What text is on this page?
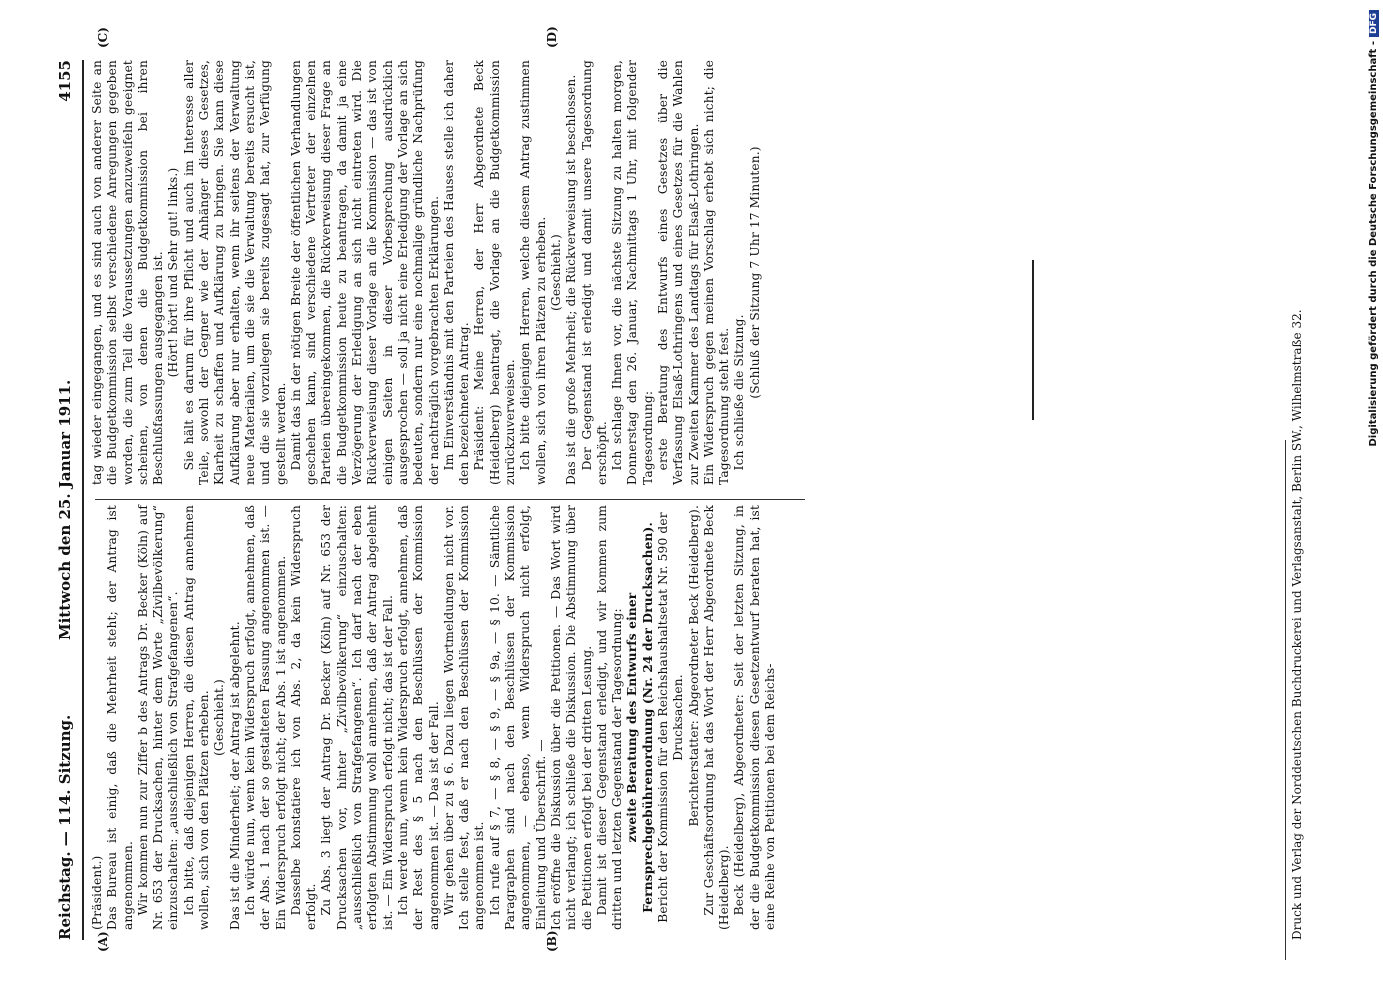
Reichstag. — 114. Sitzung.
Mittwoch den 25. Januar 1911.
4155
(A)	(B)
(C)	(D)

(Präsident.) Das Bureau ist einig, daß die Mehrheit steht; der Antrag ist angenommen. Wir kommen nun zur Ziffer b des Antrags Dr. Becker (Köln) auf Nr. 653 der Drucksachen, hinter dem Worte „Zivilbevölkerung“ einzuschalten: „ausschließlich von Strafgefangenen“. Ich bitte, daß diejenigen Herren, die diesen Antrag annehmen wollen, sich von den Plätzen erheben. (Geschieht.) Das ist die Minderheit; der Antrag ist abgelehnt. Ich würde nun, wenn kein Widerspruch erfolgt, annehmen, daß der Abs. 1 nach der so gestalteten Fassung angenommen ist. — Ein Widerspruch erfolgt nicht; der Abs. 1 ist angenommen. Dasselbe konstatiere ich von Abs. 2, da kein Widerspruch erfolgt. Zu Abs. 3 liegt der Antrag Dr. Becker (Köln) auf Nr. 653 der Drucksachen vor, hinter „Zivilbevölkerung“ einzuschalten: „ausschließlich von Strafgefangenen“. Ich darf nach der eben erfolgten Abstimmung wohl annehmen, daß der Antrag abgelehnt ist. — Ein Widerspruch erfolgt nicht; das ist der Fall. Ich werde nun, wenn kein Widerspruch erfolgt, annehmen, daß der Rest des § 5 nach den Beschlüssen der Kommission angenommen ist. — Das ist der Fall. Wir gehen über zu § 6. Dazu liegen Wortmeldungen nicht vor. Ich stelle fest, daß er nach den Beschlüssen der Kommission angenommen ist. Ich rufe auf § 7, — § 8, — § 9, — § 9a, — § 10. — Sämtliche Paragraphen sind nach den Beschlüssen der Kommission angenommen, — ebenso, wenn Widerspruch nicht erfolgt, Einleitung und Überschrift. — Ich eröffne die Diskussion über die Petitionen. — Das Wort wird nicht verlangt; ich schließe die Diskussion. Die Abstimmung über die Petitionen erfolgt bei der dritten Lesung. Damit ist dieser Gegenstand erledigt, und wir kommen zum dritten und letzten Gegenstand der Tagesordnung: zweite Beratung des Entwurfs einer Fernsprechgebührenordnung (Nr. 24 der Drucksachen). Bericht der Kommission für den Reichshaushaltsetat Nr. 590 der Drucksachen. Berichterstatter: Abgeordneter Beck (Heidelberg). Zur Geschäftsordnung hat das Wort der Herr Abgeordnete Beck (Heidelberg). Beck (Heidelberg), Abgeordneter: Seit der letzten Sitzung, in der die Budgetkommission diesen Gesetzentwurf beraten hat, ist eine Reihe von Petitionen bei dem Reichs-

tag wieder eingegangen, und es sind auch von anderer Seite an die Budgetkommission selbst verschiedene Anregungen gegeben worden, die zum Teil die Voraussetzungen anzuzweifeln geeignet scheinen, von denen die Budgetkommission bei ihren Beschlußfassungen ausgegangen ist. (Hört! hört! und Sehr gut! links.) Sie hält es darum für ihre Pflicht und auch im Interesse aller Teile, sowohl der Gegner wie der Anhänger dieses Gesetzes, Klarheit zu schaffen und Aufklärung zu bringen. Sie kann diese Aufklärung aber nur erhalten, wenn ihr seitens der Verwaltung neue Materialien, um die sie die Verwaltung bereits ersucht ist, und die sie vorzulegen sie bereits zugesagt hat, zur Verfügung gestellt werden. Damit das in der nötigen Breite der öffentlichen Verhandlungen geschehen kann, sind verschiedene Vertreter der einzelnen Parteien übereingekommen, die Rückverweisung dieser Frage an die Budgetkommission heute zu beantragen, da damit ja eine Verzögerung der Erledigung an sich nicht eintreten wird. Die Rückverweisung dieser Vorlage an die Kommission — das ist von einigen Seiten in dieser Vorbesprechung ausdrücklich ausgesprochen — soll ja nicht eine Erledigung der Vorlage an sich bedeuten, sondern nur eine nochmalige gründliche Nachprüfung der nachträglich vorgebrachten Erklärungen. Im Einverständnis mit den Parteien des Hauses stelle ich daher den bezeichneten Antrag. Präsident: Meine Herren, der Herr Abgeordnete Beck (Heidelberg) beantragt, die Vorlage an die Budgetkommission zurückzuverweisen. Ich bitte diejenigen Herren, welche diesem Antrag zustimmen wollen, sich von ihren Plätzen zu erheben. (Geschieht.) Das ist die große Mehrheit; die Rückverweisung ist beschlossen. Der Gegenstand ist erledigt und damit unsere Tagesordnung erschöpft. Ich schlage Ihnen vor, die nächste Sitzung zu halten morgen, Donnerstag den 26. Januar, Nachmittags 1 Uhr, mit folgender Tagesordnung: erste Beratung des Entwurfs eines Gesetzes über die Verfassung Elsaß-Lothringens und eines Gesetzes für die Wahlen zur Zweiten Kammer des Landtags für Elsaß-Lothringen. Ein Widerspruch gegen meinen Vorschlag erhebt sich nicht; die Tagesordnung steht fest. Ich schließe die Sitzung. (Schluß der Sitzung 7 Uhr 17 Minuten.)

Druck und Verlag der Norddeutschen Buchdruckerei und Verlagsanstalt, Berlin SW., Wilhelmstraße 32.
Digitalisierung gefördert durch die Deutsche Forschungsgemeinschaft -DFG
